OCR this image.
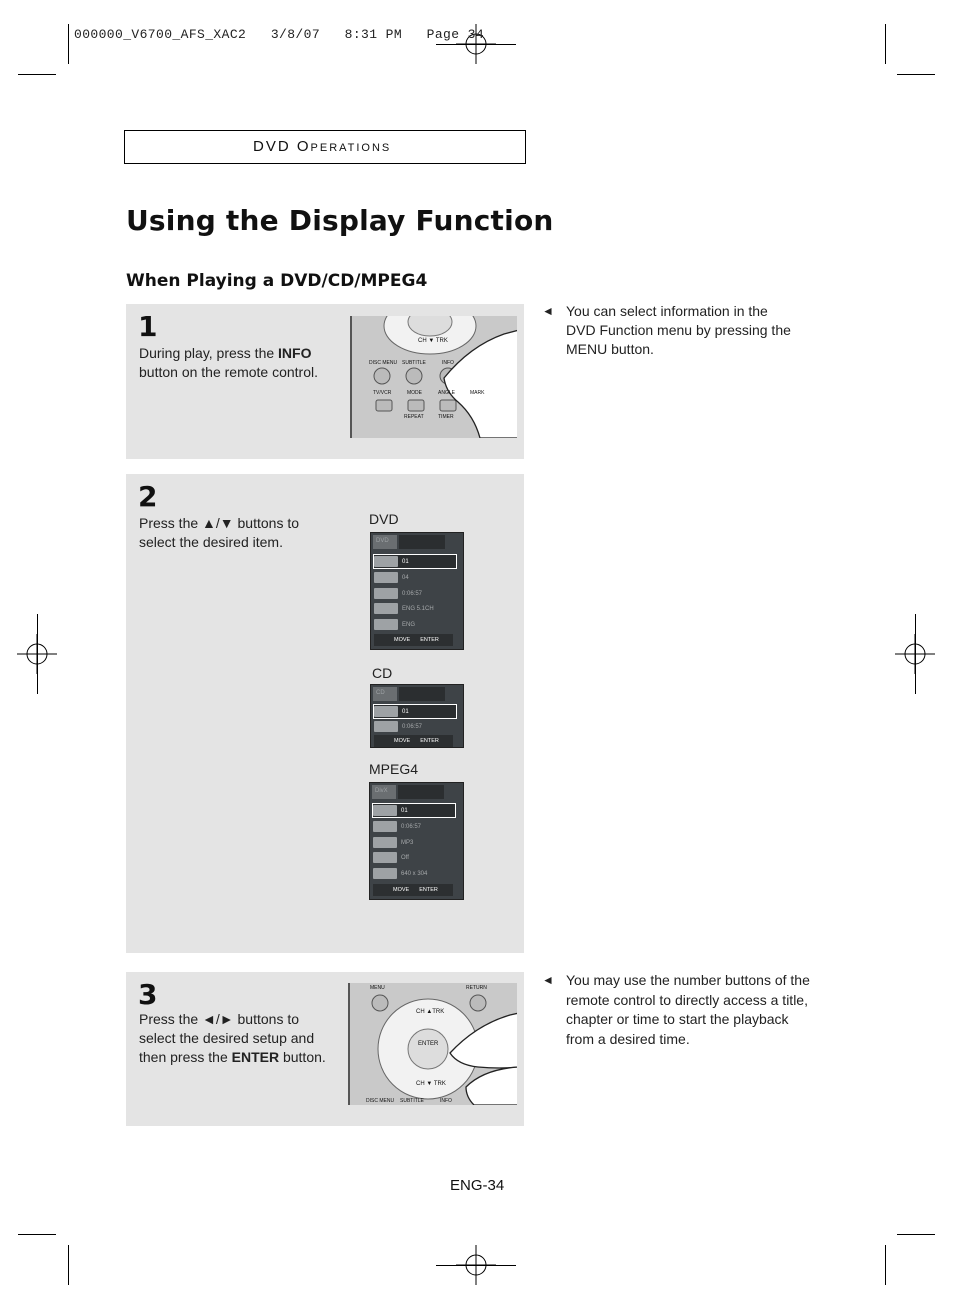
000000_V6700_AFS_XAC2   3/8/07   8:31 PM   Page 34
DVD OPERATIONS
Using the Display Function
When Playing a DVD/CD/MPEG4
1
During play, press the INFO
button on the remote control.
CH ▼ TRK
DISC MENU SUBTITLE	INFO
TV/VCR	MODE	ANGLE	MARK
REPEAT	TIMER
◄ You can select information in the
DVD Function menu by pressing the
MENU button.
2
Press the ▲/▼ buttons to
select the desired item.
DVD
DVD
01
04
0:06:57
ENG 5.1CH
ENG
MOVE ENTER
CD
CD
01
0:06:57
MOVE ENTER
MPEG4
DivX
01
0:06:57
MP3
Off
640 x 304
MOVE ENTER
3
Press the ◄/► buttons to
select the desired setup and
then press the ENTER button.
MENU	RETURN
CH ▲TRK
ENTER
CH ▼ TRK
DISC MENU SUBTITLE	INFO
◄ You may use the number buttons of the
remote control to directly access a title,
chapter or time to start the playback
from a desired time.
ENG-34
